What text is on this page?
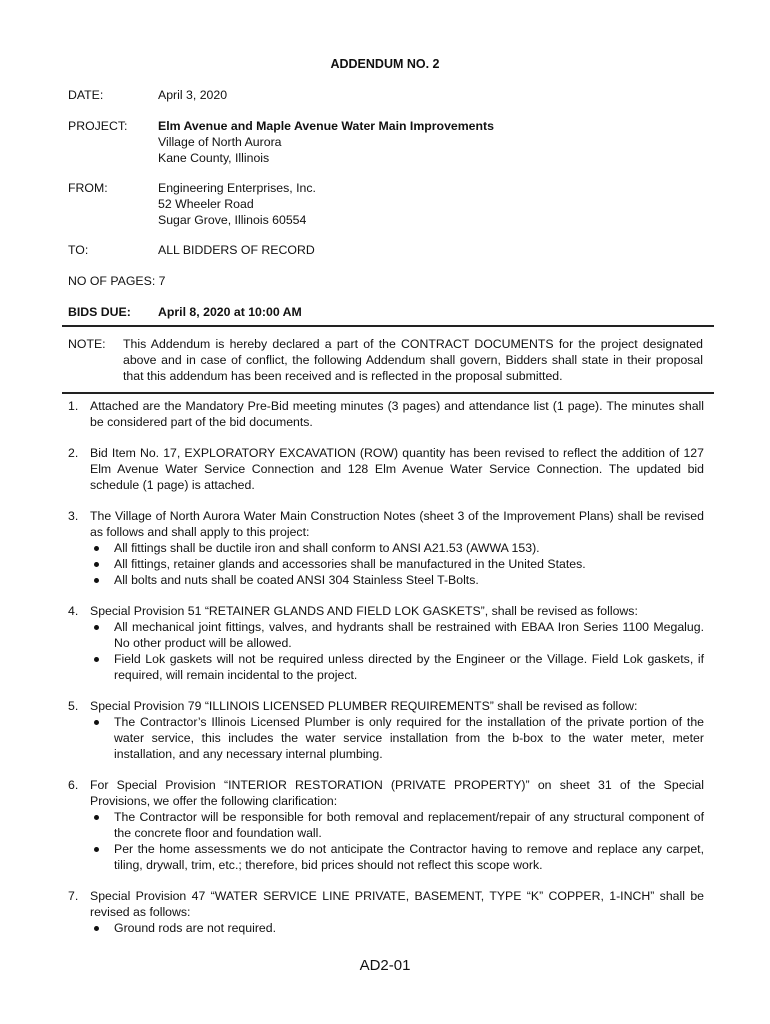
ADDENDUM NO. 2
DATE:	April 3, 2020
PROJECT: Elm Avenue and Maple Avenue Water Main Improvements
Village of North Aurora
Kane County, Illinois
FROM:	Engineering Enterprises, Inc.
52 Wheeler Road
Sugar Grove, Illinois 60554
TO:	ALL BIDDERS OF RECORD
NO OF PAGES: 7
BIDS DUE: April 8, 2020 at 10:00 AM
NOTE: This Addendum is hereby declared a part of the CONTRACT DOCUMENTS for the project designated above and in case of conflict, the following Addendum shall govern, Bidders shall state in their proposal that this addendum has been received and is reflected in the proposal submitted.
1. Attached are the Mandatory Pre-Bid meeting minutes (3 pages) and attendance list (1 page). The minutes shall be considered part of the bid documents.
2. Bid Item No. 17, EXPLORATORY EXCAVATION (ROW) quantity has been revised to reflect the addition of 127 Elm Avenue Water Service Connection and 128 Elm Avenue Water Service Connection. The updated bid schedule (1 page) is attached.
3. The Village of North Aurora Water Main Construction Notes (sheet 3 of the Improvement Plans) shall be revised as follows and shall apply to this project:
All fittings shall be ductile iron and shall conform to ANSI A21.53 (AWWA 153).
All fittings, retainer glands and accessories shall be manufactured in the United States.
All bolts and nuts shall be coated ANSI 304 Stainless Steel T-Bolts.
4. Special Provision 51 “RETAINER GLANDS AND FIELD LOK GASKETS”, shall be revised as follows:
All mechanical joint fittings, valves, and hydrants shall be restrained with EBAA Iron Series 1100 Megalug. No other product will be allowed.
Field Lok gaskets will not be required unless directed by the Engineer or the Village. Field Lok gaskets, if required, will remain incidental to the project.
5. Special Provision 79 “ILLINOIS LICENSED PLUMBER REQUIREMENTS” shall be revised as follow:
The Contractor’s Illinois Licensed Plumber is only required for the installation of the private portion of the water service, this includes the water service installation from the b-box to the water meter, meter installation, and any necessary internal plumbing.
6. For Special Provision “INTERIOR RESTORATION (PRIVATE PROPERTY)” on sheet 31 of the Special Provisions, we offer the following clarification:
The Contractor will be responsible for both removal and replacement/repair of any structural component of the concrete floor and foundation wall.
Per the home assessments we do not anticipate the Contractor having to remove and replace any carpet, tiling, drywall, trim, etc.; therefore, bid prices should not reflect this scope work.
7. Special Provision 47 “WATER SERVICE LINE PRIVATE, BASEMENT, TYPE “K” COPPER, 1-INCH” shall be revised as follows:
Ground rods are not required.
AD2-01
